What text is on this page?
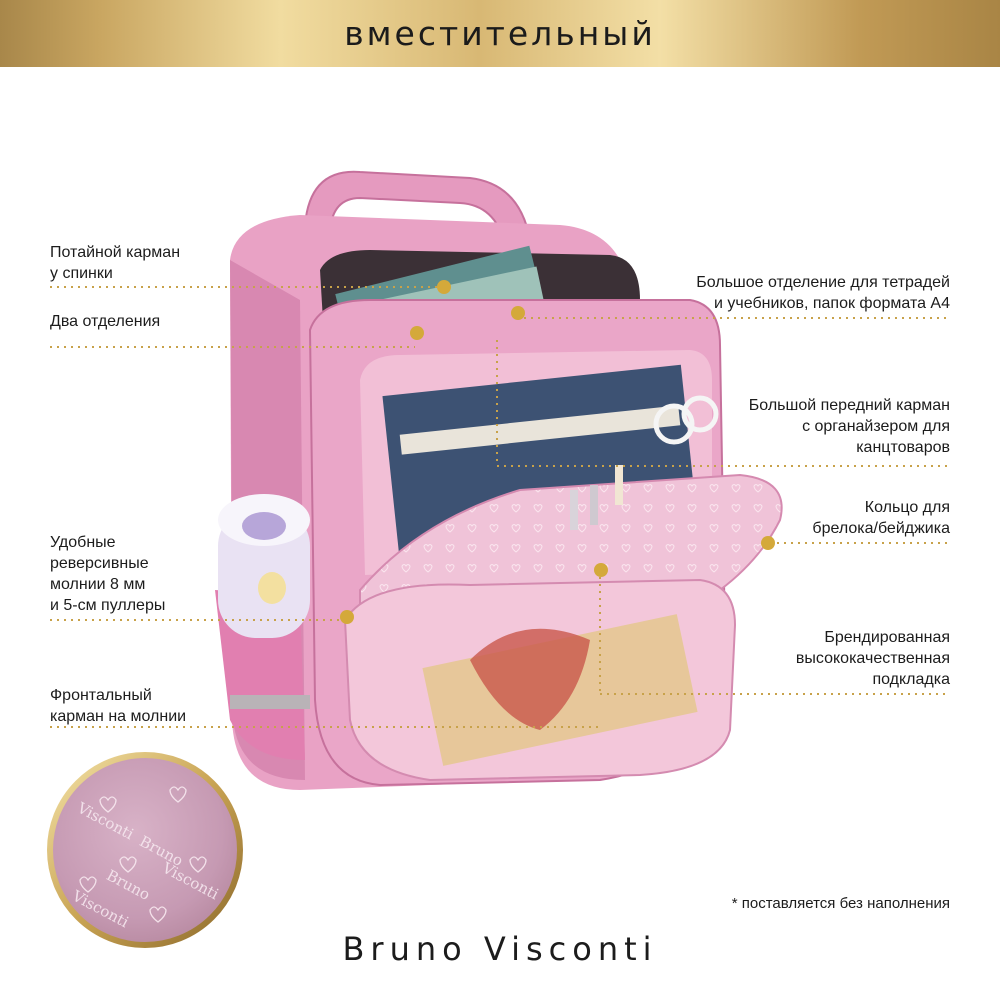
вместительный
Visconti
Bruno
Visconti
Bruno
Visconti
Потайной карман
у спинки
Два отделения
Удобные
реверсивные
молнии 8 мм
и 5-см пуллеры
Фронтальный
карман на молнии
Большое отделение для тетрадей
и учебников, папок формата А4
Большой передний карман
с органайзером для
канцтоваров
Кольцо для
брелока/бейджика
Брендированная
высококачественная
подкладка
* поставляется без наполнения
Bruno Visconti
